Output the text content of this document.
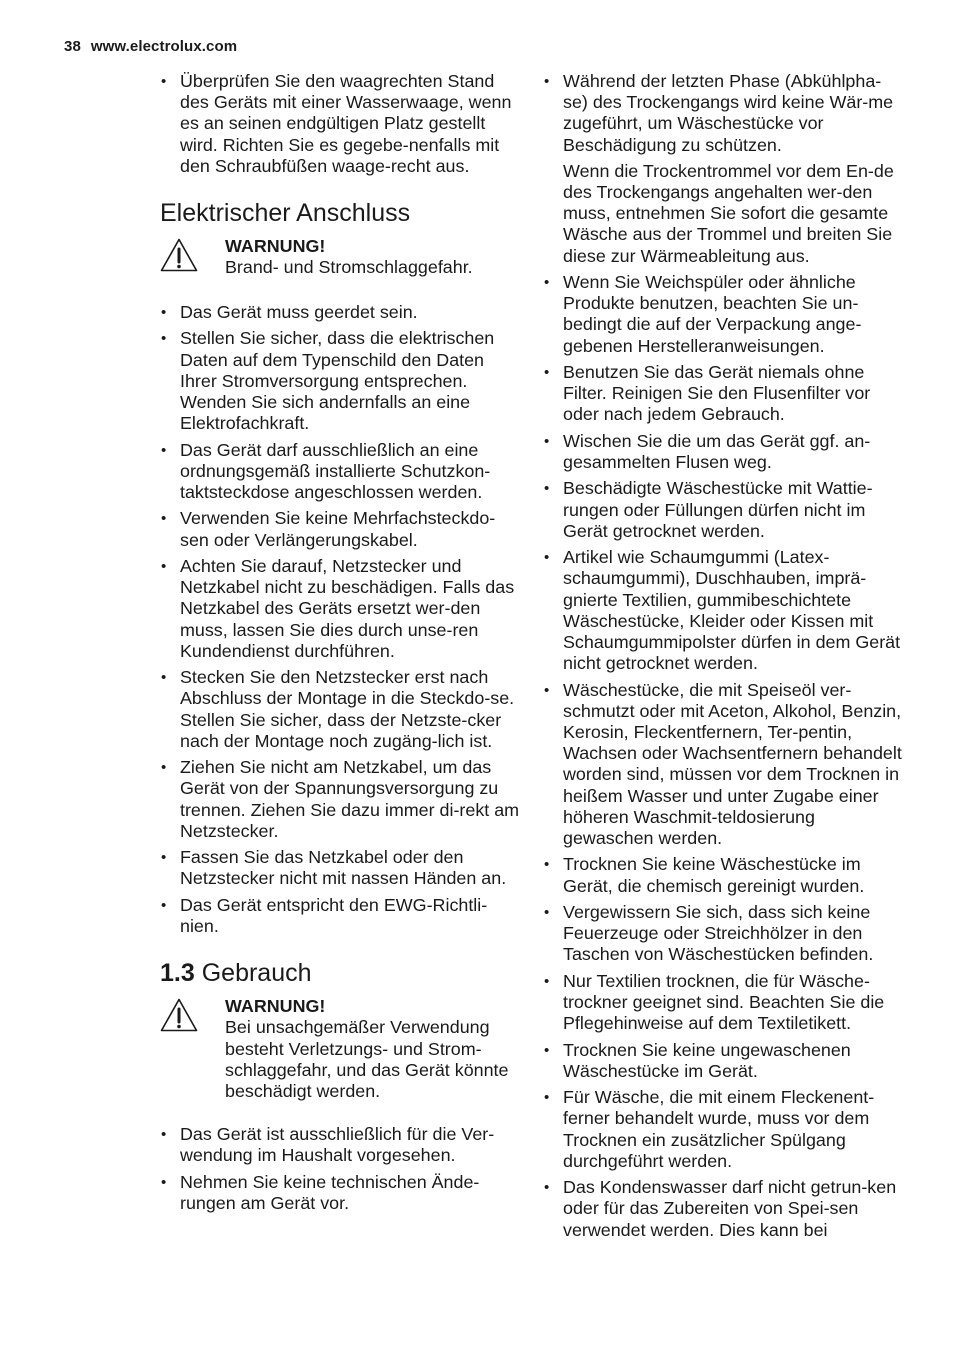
38 www.electrolux.com
• Überprüfen Sie den waagrechten Stand des Geräts mit einer Wasserwaage, wenn es an seinen endgültigen Platz gestellt wird. Richten Sie es gegebe-nenfalls mit den Schraubfüßen waage-recht aus.
Elektrischer Anschluss
WARNUNG!
Brand- und Stromschlaggefahr.
• Das Gerät muss geerdet sein.
• Stellen Sie sicher, dass die elektrischen Daten auf dem Typenschild den Daten Ihrer Stromversorgung entsprechen. Wenden Sie sich andernfalls an eine Elektrofachkraft.
• Das Gerät darf ausschließlich an eine ordnungsgemäß installierte Schutzkon-taktsteckdose angeschlossen werden.
• Verwenden Sie keine Mehrfachsteckdo-sen oder Verlängerungskabel.
• Achten Sie darauf, Netzstecker und Netzkabel nicht zu beschädigen. Falls das Netzkabel des Geräts ersetzt wer-den muss, lassen Sie dies durch unse-ren Kundendienst durchführen.
• Stecken Sie den Netzstecker erst nach Abschluss der Montage in die Steckdo-se. Stellen Sie sicher, dass der Netzste-cker nach der Montage noch zugäng-lich ist.
• Ziehen Sie nicht am Netzkabel, um das Gerät von der Spannungsversorgung zu trennen. Ziehen Sie dazu immer di-rekt am Netzstecker.
• Fassen Sie das Netzkabel oder den Netzstecker nicht mit nassen Händen an.
• Das Gerät entspricht den EWG-Richtli-nien.
1.3 Gebrauch
WARNUNG!
Bei unsachgemäßer Verwendung besteht Verletzungs- und Strom-schlaggefahr, und das Gerät könnte beschädigt werden.
• Das Gerät ist ausschließlich für die Ver-wendung im Haushalt vorgesehen.
• Nehmen Sie keine technischen Ände-rungen am Gerät vor.

• Während der letzten Phase (Abkühlpha-se) des Trockengangs wird keine Wär-me zugeführt, um Wäschestücke vor Beschädigung zu schützen.

Wenn die Trockentrommel vor dem En-de des Trockengangs angehalten wer-den muss, entnehmen Sie sofort die gesamte Wäsche aus der Trommel und breiten Sie diese zur Wärmeableitung aus.

• Wenn Sie Weichspüler oder ähnliche Produkte benutzen, beachten Sie un-bedingt die auf der Verpackung ange-gebenen Herstelleranweisungen.
• Benutzen Sie das Gerät niemals ohne Filter. Reinigen Sie den Flusenfilter vor oder nach jedem Gebrauch.
• Wischen Sie die um das Gerät ggf. an-gesammelten Flusen weg.
• Beschädigte Wäschestücke mit Wattie-rungen oder Füllungen dürfen nicht im Gerät getrocknet werden.
• Artikel wie Schaumgummi (Latex-schaumgummi), Duschhauben, imprä-gnierte Textilien, gummibeschichtete Wäschestücke, Kleider oder Kissen mit Schaumgummipolster dürfen in dem Gerät nicht getrocknet werden.
• Wäschestücke, die mit Speiseöl ver-schmutzt oder mit Aceton, Alkohol, Benzin, Kerosin, Fleckentfernern, Ter-pentin, Wachsen oder Wachsentfernern behandelt worden sind, müssen vor dem Trocknen in heißem Wasser und unter Zugabe einer höheren Waschmit-teldosierung gewaschen werden.
• Trocknen Sie keine Wäschestücke im Gerät, die chemisch gereinigt wurden.
• Vergewissern Sie sich, dass sich keine Feuerzeuge oder Streichhölzer in den Taschen von Wäschestücken befinden.
• Nur Textilien trocknen, die für Wäsche-trockner geeignet sind. Beachten Sie die Pflegehinweise auf dem Textiletikett.
• Trocknen Sie keine ungewaschenen Wäschestücke im Gerät.
• Für Wäsche, die mit einem Fleckenent-ferner behandelt wurde, muss vor dem Trocknen ein zusätzlicher Spülgang durchgeführt werden.
• Das Kondenswasser darf nicht getrun-ken oder für das Zubereiten von Spei-sen verwendet werden. Dies kann bei
